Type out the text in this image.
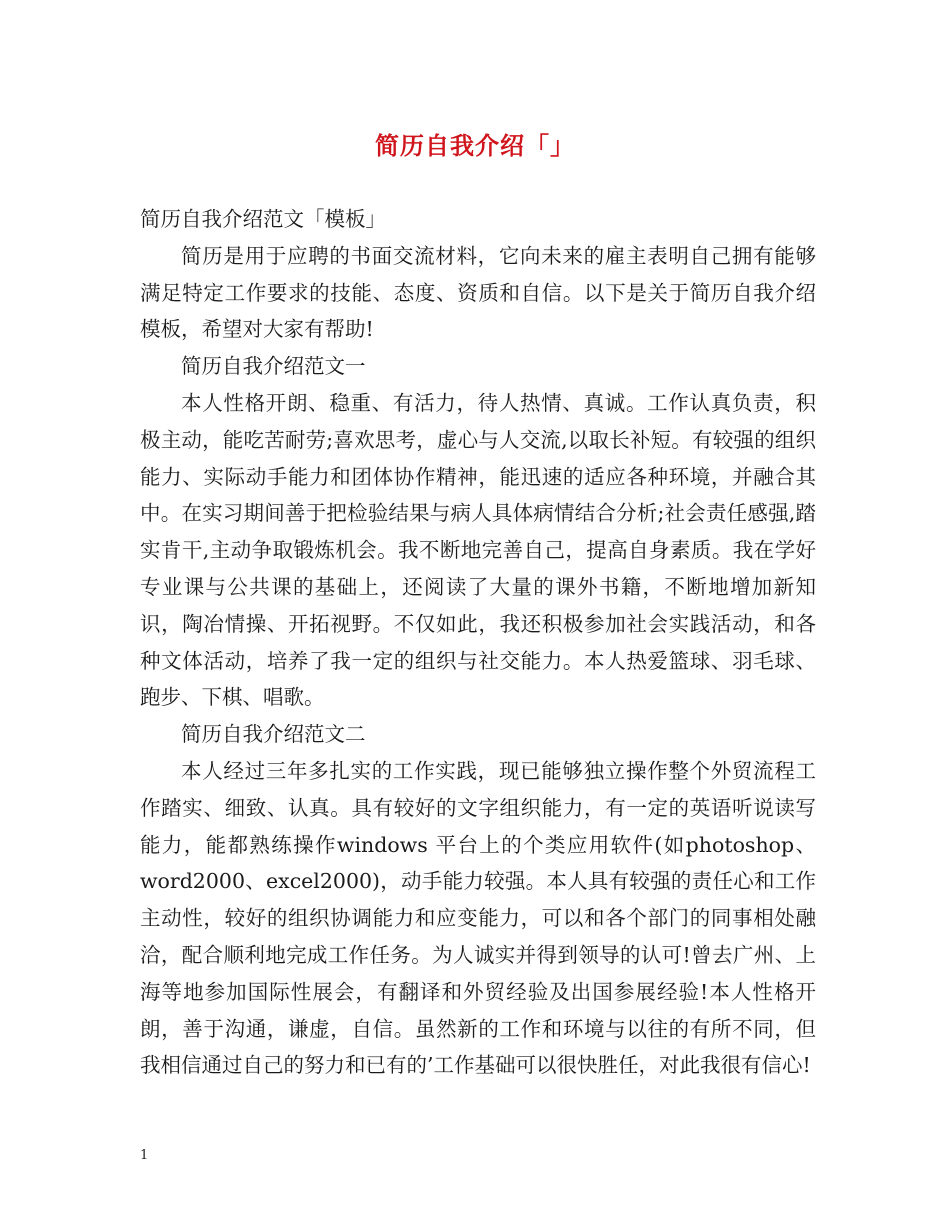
简历自我介绍「」

简历自我介绍范文「模板」

简历是用于应聘的书面交流材料，它向未来的雇主表明自己拥有能够满足特定工作要求的技能、态度、资质和自信。以下是关于简历自我介绍模板，希望对大家有帮助!

简历自我介绍范文一

本人性格开朗、稳重、有活力，待人热情、真诚。工作认真负责，积极主动，能吃苦耐劳;喜欢思考，虚心与人交流,以取长补短。有较强的组织能力、实际动手能力和团体协作精神，能迅速的适应各种环境，并融合其中。在实习期间善于把检验结果与病人具体病情结合分析;社会责任感强,踏实肯干,主动争取锻炼机会。我不断地完善自己，提高自身素质。我在学好专业课与公共课的基础上，还阅读了大量的课外书籍，不断地增加新知识，陶冶情操、开拓视野。不仅如此，我还积极参加社会实践活动，和各种文体活动，培养了我一定的组织与社交能力。本人热爱篮球、羽毛球、跑步、下棋、唱歌。

简历自我介绍范文二

本人经过三年多扎实的工作实践，现已能够独立操作整个外贸流程工作踏实、细致、认真。具有较好的文字组织能力，有一定的英语听说读写能力，能都熟练操作windows 平台上的个类应用软件(如photoshop、word2000、excel2000)，动手能力较强。本人具有较强的责任心和工作主动性，较好的组织协调能力和应变能力，可以和各个部门的同事相处融洽，配合顺利地完成工作任务。为人诚实并得到领导的认可!曾去广州、上海等地参加国际性展会，有翻译和外贸经验及出国参展经验!本人性格开朗，善于沟通，谦虚，自信。虽然新的工作和环境与以往的有所不同，但我相信通过自己的努力和已有的’工作基础可以很快胜任，对此我很有信心!

1
